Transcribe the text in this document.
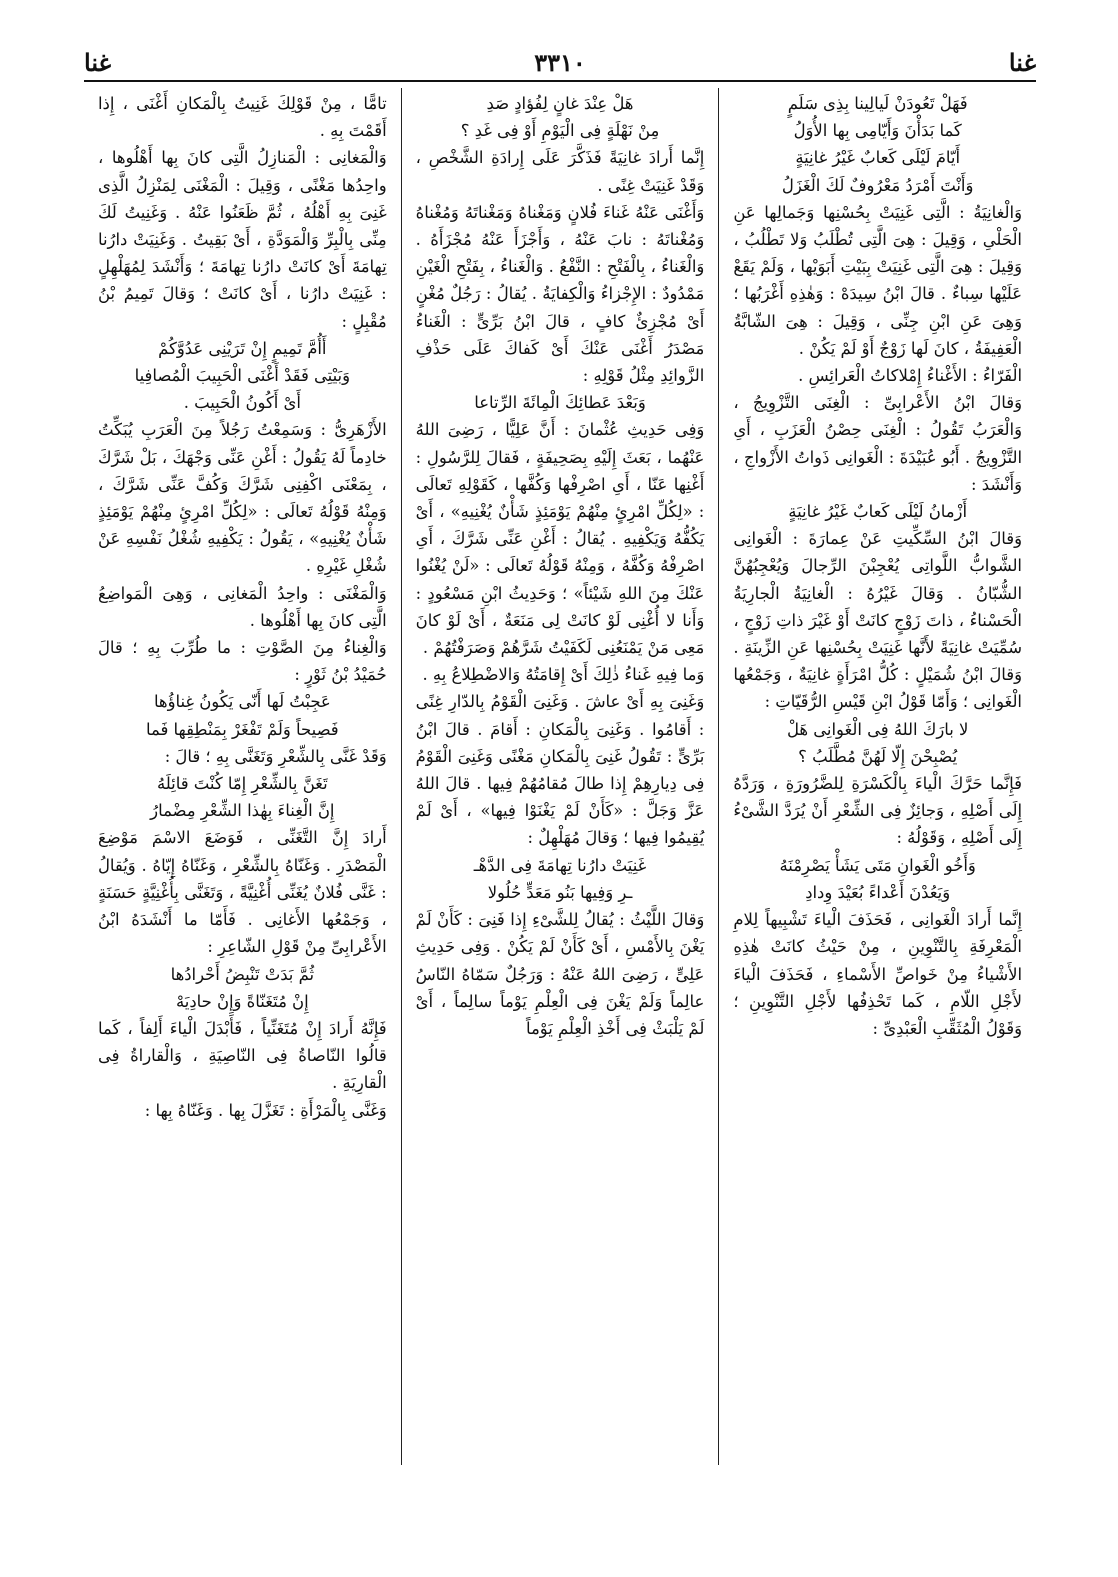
غنا
٣٣١٠
غنا

فَهَلْ تَعُودَنْ لَيالِينا بِذِى سَلَمٍ

كَما بَدَأْنَ وَأَيّامِى بِها الأُوَلُ

أَيّامَ لَيْلَى كَعابٌ غَيْرُ غانِيَةٍ

وَأَنْتَ أَمْرَدُ مَعْرُوفٌ لَكَ الْغَزَلُ

وَالْغانِيَةُ : الَّتِى غَنِيَتْ بِحُسْنِها وَجَمالِها عَنِ الْحَلْىِ ، وَقِيلَ : هِىَ الَّتِى تُطْلَبُ وَلا تَطْلُبُ ، وَقِيلَ : هِىَ الَّتِى غَنِيَتْ بِبَيْتِ أَبَوَيْها ، وَلَمْ يَقَعْ عَلَيْها سِباءٌ . قالَ ابْنُ سِيدَهْ : وَهٰذِهِ أَغْرَبُها ؛ وَهِىَ عَنِ ابْنِ جِنِّى ، وَقِيلَ : هِىَ الشّابَّةُ الْعَفِيفَةُ ، كانَ لَها زَوْجٌ أَوْ لَمْ يَكُنْ .

الْفَرّاءُ : الأَغْناءُ إِمْلاكاتُ الْعَرائِسِ .

وَقالَ ابْنُ الأَعْرابِىِّ : الْغِنَى التَّزْوِيجُ ، وَالْعَرَبُ تَقُولُ : الْغِنَى حِصْنُ الْعَزَبِ ، أَىِ التَّزْوِيجُ . أَبُو عُبَيْدَةَ : الْغَوانِى ذَواتُ الأَزْواجِ ، وَأَنْشَدَ :

أَزْمانُ لَيْلَى كَعابٌ غَيْرُ غانِيَةٍ

وَقالَ ابْنُ السِّكِّيتِ عَنْ عِمارَةَ : الْغَوانِى الشَّوابُّ اللَّواتِى يُعْجِبْنَ الرِّجالَ وَيُعْجِبُهُنَّ الشُّبّانُ . وَقالَ غَيْرُهُ : الْغانِيَةُ الْجارِيَةُ الْحَسْناءُ ، ذاتَ زَوْجٍ كانَتْ أَوْ غَيْرَ ذاتِ زَوْجٍ ، سُمِّيَتْ غانِيَةً لأَنَّها غَنِيَتْ بِحُسْنِها عَنِ الزِّينَةِ . وَقالَ ابْنُ شُمَيْلٍ : كُلُّ امْرَأَةٍ غانِيَةٌ ، وَجَمْعُها الْغَوانِى ؛ وَأَمّا قَوْلُ ابْنِ قَيْسِ الرُّقَيّاتِ :

لا بارَكَ اللهُ فِى الْغَوانِى هَلْ

يُصْبِحْنَ إِلّا لَهُنَّ مُطَّلَبُ ؟

فَإِنَّما حَرَّكَ الْياءَ بِالْكَسْرَةِ لِلضَّرُورَةِ ، وَرَدَّهُ إِلَى أَصْلِهِ ، وَجائِزٌ فِى الشِّعْرِ أَنْ يُرَدَّ الشَّىْءُ إِلَى أَصْلِهِ ، وَقَوْلُهُ :

وَأَخُو الْغَوانِ مَتَى يَشَأْ يَصْرِمْنَهُ

وَيَعُدْنَ أَعْداءً بُعَيْدَ وِدادِ

إِنَّما أَرادَ الْغَوانِى ، فَحَذَفَ الْياءَ تَشْبِيهاً لِلامِ الْمَعْرِفَةِ بِالتَّنْوِينِ ، مِنْ حَيْثُ كانَتْ هٰذِهِ الأَشْياءُ مِنْ خَواصِّ الأَسْماءِ ، فَحَذَفَ الْياءَ لأَجْلِ اللّامِ ، كَما تَحْذِفُها لأَجْلِ التَّنْوِينِ ؛ وَقَوْلُ الْمُثَقِّبِ الْعَبْدِىِّ :

هَلْ عِنْدَ غانٍ لِفُؤادٍ صَدِ

مِنْ نَهْلَةٍ فِى الْيَوْمِ أَوْ فِى غَدِ ؟

إِنَّما أَرادَ غانِيَةً فَذَكَّرَ عَلَى إِرادَةِ الشَّخْصِ ، وَقَدْ غَنِيَتْ غِنًى .

وَأَغْنَى عَنْهُ غَناءَ فُلانٍ وَمَغْناهُ وَمَغْناتَهُ وَمُغْناهُ وَمُغْناتَهُ : نابَ عَنْهُ ، وَأَجْزَأَ عَنْهُ مُجْزَأَهُ . وَالْغَناءُ ، بِالْفَتْحِ : النَّفْعُ . وَالْغَناءُ ، بِفَتْحِ الْغَيْنِ مَمْدُودٌ : الإِجْزاءُ وَالْكِفايَةُ . يُقالُ : رَجُلٌ مُغْنٍ أَىْ مُجْزِئٌ كافٍ ، قالَ ابْنُ بَرِّىٍّ : الْغَناءُ مَصْدَرُ أَغْنَى عَنْكَ أَىْ كَفاكَ عَلَى حَذْفِ الزَّوائِدِ مِثْلُ قَوْلِهِ :

وَبَعْدَ عَطائِكَ الْمِائَةَ الرِّتاعا

وَفِى حَدِيثِ عُثْمانَ : أَنَّ عَلِيًّا ، رَضِىَ اللهُ عَنْهُما ، بَعَثَ إِلَيْهِ بِصَحِيفَةٍ ، فَقالَ لِلرَّسُولِ : أَغْنِها عَنّا ، أَىِ اصْرِفْها وَكُفَّها ، كَقَوْلِهِ تَعالَى : «لِكُلِّ امْرِئٍ مِنْهُمْ يَوْمَئِذٍ شَأْنٌ يُغْنِيهِ» ، أَىْ يَكُفُّهُ وَيَكْفِيهِ . يُقالُ : أَغْنِ عَنِّى شَرَّكَ ، أَىِ اصْرِفْهُ وَكُفَّهُ ، وَمِنْهُ قَوْلُهُ تَعالَى : «لَنْ يُغْنُوا عَنْكَ مِنَ اللهِ شَيْئاً» ؛ وَحَدِيثُ ابْنِ مَسْعُودٍ : وَأَنا لا أُغْنِى لَوْ كانَتْ لِى مَنَعَةٌ ، أَىْ لَوْ كانَ مَعِى مَنْ يَمْنَعُنِى لَكَفَيْتُ شَرَّهُمْ وَصَرَفْتُهُمْ .

وَما فِيهِ غَناءُ ذٰلِكَ أَىْ إِقامَتُهُ وَالاضْطِلاعُ بِهِ .

وَغَنِىَ بِهِ أَىْ عاشَ . وَغَنِىَ الْقَوْمُ بِالدّارِ غِنًى : أَقامُوا . وَغَنِىَ بِالْمَكانِ : أَقامَ . قالَ ابْنُ بَرِّىٍّ : تَقُولُ غَنِىَ بِالْمَكانِ مَغْنًى وَغَنِىَ الْقَوْمُ فِى دِيارِهِمْ إِذا طالَ مُقامُهُمْ فِيها . قالَ اللهُ عَزَّ وَجَلَّ : «كَأَنْ لَمْ يَغْنَوْا فِيها» ، أَىْ لَمْ يُقِيمُوا فِيها ؛ وَقالَ مُهَلْهِلٌ :

غَنِيَتْ دارُنا تِهامَةَ فِى الدَّهْـ

ـرِ وَفِيها بَنُو مَعَدٍّ حُلُولا

وَقالَ اللَّيْثُ : يُقالُ لِلشَّىْءِ إِذا فَنِىَ : كَأَنْ لَمْ يَغْنَ بِالأَمْسِ ، أَىْ كَأَنْ لَمْ يَكُنْ . وَفِى حَدِيثِ عَلِىٍّ ، رَضِىَ اللهُ عَنْهُ : وَرَجُلٌ سَمّاهُ النّاسُ عالِماً وَلَمْ يَغْنَ فِى الْعِلْمِ يَوْماً سالِماً ، أَىْ لَمْ يَلْبَثْ فِى أَخْذِ الْعِلْمِ يَوْماً

تامًّا ، مِنْ قَوْلِكَ غَنِيتُ بِالْمَكانِ أَغْنَى ، إِذا أَقَمْتَ بِهِ .

وَالْمَغانِى : الْمَنازِلُ الَّتِى كانَ بِها أَهْلُوها ، واحِدُها مَغْنًى ، وَقِيلَ : الْمَغْنَى لِمَنْزِلُ الَّذِى غَنِىَ بِهِ أَهْلُهُ ، ثُمَّ ظَعَنُوا عَنْهُ . وَغَنِيتُ لَكَ مِنِّى بِالْبِرِّ وَالْمَوَدَّةِ ، أَىْ بَقِيتُ . وَغَنِيَتْ دارُنا تِهامَةَ أَىْ كانَتْ دارُنا تِهامَةَ ؛ وَأَنْشَدَ لِمُهَلْهِلٍ : غَنِيَتْ دارُنا ، أَىْ كانَتْ ؛ وَقالَ تَمِيمُ بْنُ مُقْبِلٍ :

أَأُمَّ تَمِيمٍ إِنْ تَرَيْنِى عَدُوَّكُمْ

وَبَيْتِى فَقَدْ أَغْنَى الْحَبِيبَ الْمُصافِيا

أَىْ أَكُونُ الْحَبِيبَ .

الأَزْهَرِىُّ : وَسَمِعْتُ رَجُلاً مِنَ الْعَرَبِ يُبَكِّتُ خادِماً لَهُ يَقُولُ : أَغْنِ عَنِّى وَجْهَكَ ، بَلْ شَرَّكَ ، بِمَعْنَى اكْفِنِى شَرَّكَ وَكُفَّ عَنِّى شَرَّكَ ، وَمِنْهُ قَوْلُهُ تَعالَى : «لِكُلِّ امْرِئٍ مِنْهُمْ يَوْمَئِذٍ شَأْنٌ يُغْنِيهِ» ، يَقُولُ : يَكْفِيهِ شُغْلُ نَفْسِهِ عَنْ شُغْلِ غَيْرِهِ .

وَالْمَغْنَى : واحِدُ الْمَغانِى ، وَهِىَ الْمَواضِعُ الَّتِى كانَ بِها أَهْلُوها .

وَالْغِناءُ مِنَ الصَّوْتِ : ما طُرِّبَ بِهِ ؛ قالَ حُمَيْدُ بْنُ ثَوْرٍ :

عَجِبْتُ لَها أَنّى يَكُونُ غِناؤُها

فَصِيحاً وَلَمْ تَفْغَرْ بِمَنْطِقِها فَما

وَقَدْ غَنَّى بِالشِّعْرِ وَتَغَنَّى بِهِ ؛ قالَ :

تَغَنَّ بِالشِّعْرِ إِمّا كُنْتَ قائِلَهُ

إِنَّ الْغِناءَ بِهٰذا الشِّعْرِ مِضْمارُ

أَرادَ إِنَّ التَّغَنِّى ، فَوَضَعَ الاسْمَ مَوْضِعَ الْمَصْدَرِ . وَغَنّاهُ بِالشِّعْرِ ، وَغَنّاهُ إِيّاهُ . وَيُقالُ : غَنَّى فُلانٌ يُغَنِّى أُغْنِيَّةً ، وَتَغَنَّى بِأُغْنِيَّةٍ حَسَنَةٍ ، وَجَمْعُها الأَغانِى . فَأَمّا ما أَنْشَدَهُ ابْنُ الأَعْرابِىِّ مِنْ قَوْلِ الشّاعِرِ :

ثُمَّ بَدَتْ تَنْبِضُ أَحْرادُها

إِنْ مُتَغَنّاةً وَإِنْ حادِيَهْ

فَإِنَّهُ أَرادَ إِنْ مُتَغَنِّياً ، فَأَبْدَلَ الْياءَ أَلِفاً ، كَما قالُوا النّاصاةُ فِى النّاصِيَةِ ، وَالْقاراةُ فِى الْقارِيَةِ .

وَغَنَّى بِالْمَرْأَةِ : تَغَزَّلَ بِها . وَغَنّاهُ بِها :
